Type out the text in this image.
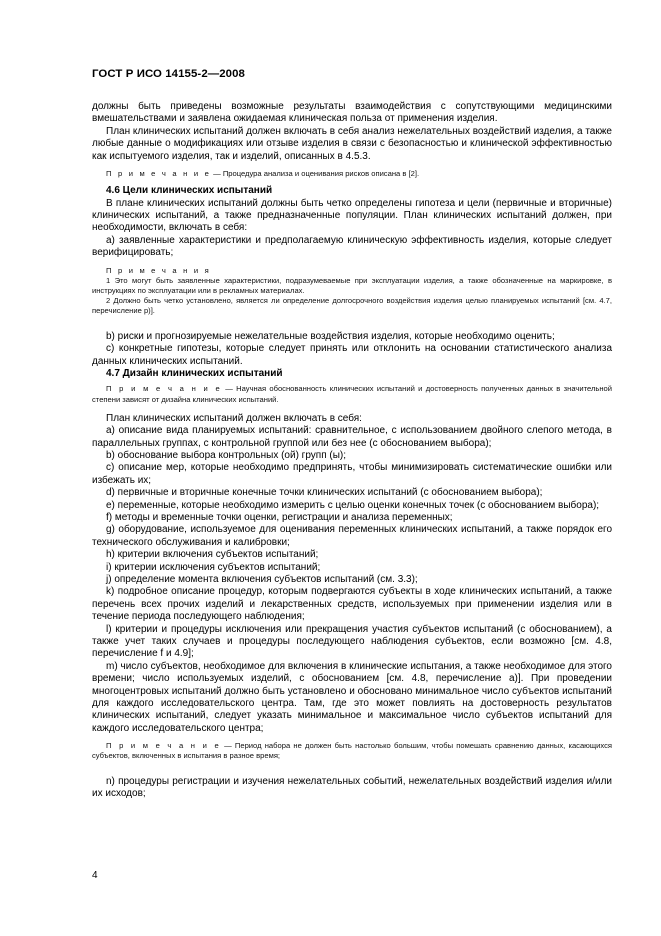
ГОСТ Р ИСО 14155-2—2008

должны быть приведены возможные результаты взаимодействия с сопутствующими медицинскими вмешательствами и заявлена ожидаемая клиническая польза от применения изделия.

План клинических испытаний должен включать в себя анализ нежелательных воздействий изделия, а также любые данные о модификациях или отзыве изделия в связи с безопасностью и клинической эффективностью как испытуемого изделия, так и изделий, описанных в 4.5.3.

П р и м е ч а н и е — Процедура анализа и оценивания рисков описана в [2].

4.6 Цели клинических испытаний

В плане клинических испытаний должны быть четко определены гипотеза и цели (первичные и вторичные) клинических испытаний, а также предназначенные популяции. План клинических испытаний должен, при необходимости, включать в себя:

a) заявленные характеристики и предполагаемую клиническую эффективность изделия, которые следует верифицировать;

П р и м е ч а н и я

1 Это могут быть заявленные характеристики, подразумеваемые при эксплуатации изделия, а также обозначенные на маркировке, в инструкциях по эксплуатации или в рекламных материалах.

2 Должно быть четко установлено, является ли определение долгосрочного воздействия изделия целью планируемых испытаний [см. 4.7, перечисление р)].

b) риски и прогнозируемые нежелательные воздействия изделия, которые необходимо оценить;

c) конкретные гипотезы, которые следует принять или отклонить на основании статистического анализа данных клинических испытаний.

4.7 Дизайн клинических испытаний

П р и м е ч а н и е — Научная обоснованность клинических испытаний и достоверность полученных данных в значительной степени зависят от дизайна клинических испытаний.

План клинических испытаний должен включать в себя:

a) описание вида планируемых испытаний: сравнительное, с использованием двойного слепого метода, в параллельных группах, с контрольной группой или без нее (с обоснованием выбора);

b) обоснование выбора контрольных (ой) групп (ы);

c) описание мер, которые необходимо предпринять, чтобы минимизировать систематические ошибки или избежать их;

d) первичные и вторичные конечные точки клинических испытаний (с обоснованием выбора);

e) переменные, которые необходимо измерить с целью оценки конечных точек (с обоснованием выбора);

f) методы и временные точки оценки, регистрации и анализа переменных;

g) оборудование, используемое для оценивания переменных клинических испытаний, а также порядок его технического обслуживания и калибровки;

h) критерии включения субъектов испытаний;

i) критерии исключения субъектов испытаний;

j) определение момента включения субъектов испытаний (см. 3.3);

k) подробное описание процедур, которым подвергаются субъекты в ходе клинических испытаний, а также перечень всех прочих изделий и лекарственных средств, используемых при применении изделия или в течение периода последующего наблюдения;

l) критерии и процедуры исключения или прекращения участия субъектов испытаний (с обоснованием), а также учет таких случаев и процедуры последующего наблюдения субъектов, если возможно [см. 4.8, перечисление f и 4.9];

m) число субъектов, необходимое для включения в клинические испытания, а также необходимое для этого времени; число используемых изделий, с обоснованием [см. 4.8, перечисление а)]. При проведении многоцентровых испытаний должно быть установлено и обосновано минимальное число субъектов испытаний для каждого исследовательского центра. Там, где это может повлиять на достоверность результатов клинических испытаний, следует указать минимальное и максимальное число субъектов испытаний для каждого исследовательского центра;

П р и м е ч а н и е — Период набора не должен быть настолько большим, чтобы помешать сравнению данных, касающихся субъектов, включенных в испытания в разное время;

n) процедуры регистрации и изучения нежелательных событий, нежелательных воздействий изделия и/или их исходов;

4
